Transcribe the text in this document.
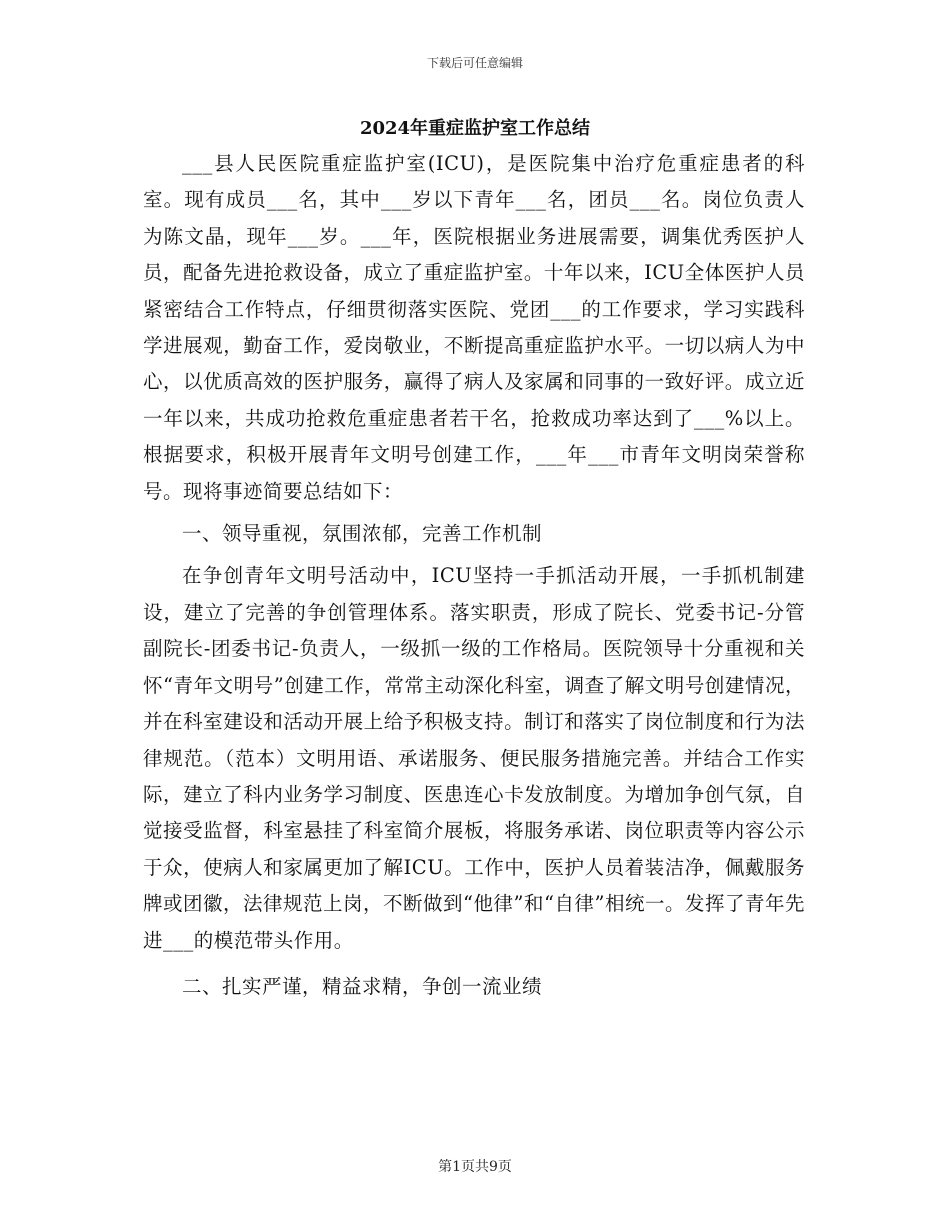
下载后可任意编辑
2024年重症监护室工作总结

___县人民医院重症监护室(ICU)，是医院集中治疗危重症患者的科室。现有成员___名，其中___岁以下青年___名，团员___名。岗位负责人为陈文晶，现年___岁。___年，医院根据业务进展需要，调集优秀医护人员，配备先进抢救设备，成立了重症监护室。十年以来，ICU全体医护人员紧密结合工作特点，仔细贯彻落实医院、党团___的工作要求，学习实践科学进展观，勤奋工作，爱岗敬业，不断提高重症监护水平。一切以病人为中心，以优质高效的医护服务，赢得了病人及家属和同事的一致好评。成立近一年以来，共成功抢救危重症患者若干名，抢救成功率达到了___%以上。根据要求，积极开展青年文明号创建工作，___年___市青年文明岗荣誉称号。现将事迹简要总结如下：

一、领导重视，氛围浓郁，完善工作机制

在争创青年文明号活动中，ICU坚持一手抓活动开展，一手抓机制建设，建立了完善的争创管理体系。落实职责，形成了院长、党委书记-分管副院长-团委书记-负责人，一级抓一级的工作格局。医院领导十分重视和关怀“青年文明号”创建工作，常常主动深化科室，调查了解文明号创建情况，并在科室建设和活动开展上给予积极支持。制订和落实了岗位制度和行为法律规范。（范本）文明用语、承诺服务、便民服务措施完善。并结合工作实际，建立了科内业务学习制度、医患连心卡发放制度。为增加争创气氛，自觉接受监督，科室悬挂了科室简介展板，将服务承诺、岗位职责等内容公示于众，使病人和家属更加了解ICU。工作中，医护人员着装洁净，佩戴服务牌或团徽，法律规范上岗，不断做到“他律”和“自律”相统一。发挥了青年先进___的模范带头作用。

二、扎实严谨，精益求精，争创一流业绩

第1页共9页
